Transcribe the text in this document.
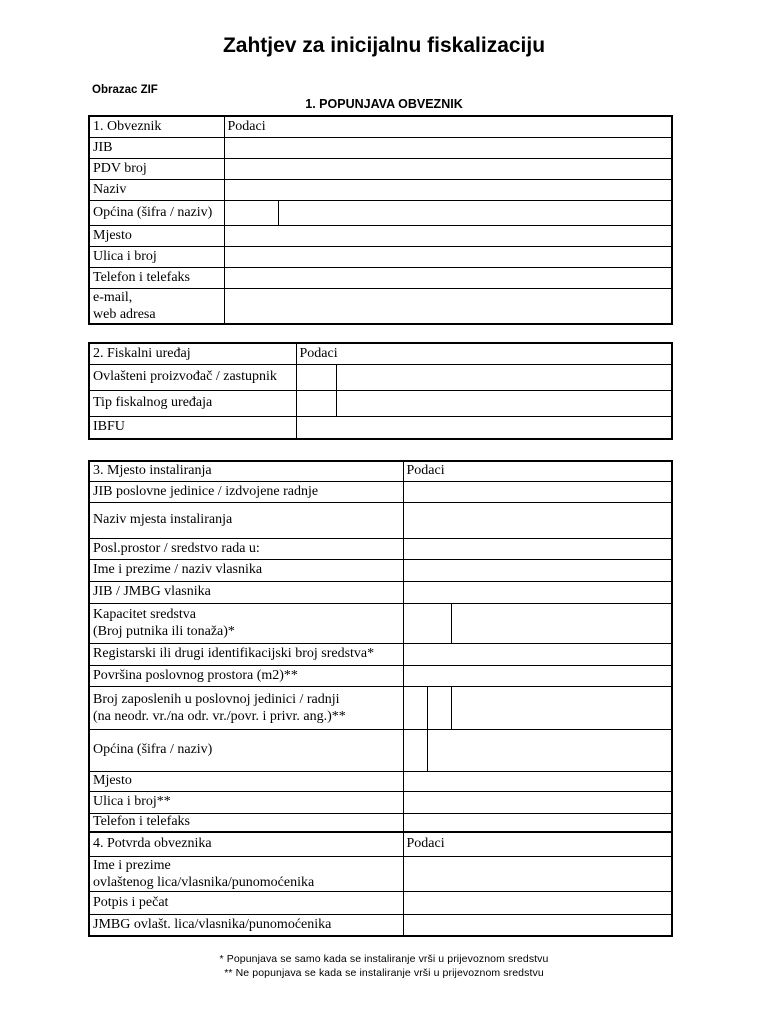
Zahtjev za inicijalnu fiskalizaciju
Obrazac ZIF
1. POPUNJAVA OBVEZNIK
1. Obveznik	Podaci	
JIB		
PDV broj		
Naziv		
Općina (šifra / naziv)		
Mjesto		
Ulica i broj		
Telefon i telefaks		
e-mail,
web adresa		
2. Fiskalni uređaj	Podaci	
Ovlašteni proizvođač / zastupnik		
Tip fiskalnog uređaja		
IBFU		
3. Mjesto instaliranja	Podaci		
JIB poslovne jedinice / izdvojene radnje			
Naziv mjesta instaliranja			
Posl.prostor / sredstvo rada u:			
Ime i prezime / naziv vlasnika			
JIB / JMBG vlasnika			
Kapacitet sredstva
(Broj putnika ili tonaža)*			
Registarski ili drugi identifikacijski broj sredstva*			
Površina poslovnog prostora (m2)**			
Broj zaposlenih u poslovnoj jedinici / radnji
(na neodr. vr./na odr. vr./povr. i privr. ang.)**			
Općina (šifra / naziv)			
Mjesto			
Ulica i broj**			
Telefon i telefaks			
4. Potvrda obveznika	Podaci		
Ime i prezime
ovlaštenog lica/vlasnika/punomoćenika			
Potpis i pečat			
JMBG ovlašt. lica/vlasnika/punomoćenika			
* Popunjava se samo kada se instaliranje vrši u prijevoznom sredstvu
** Ne popunjava se kada se instaliranje vrši u prijevoznom sredstvu
